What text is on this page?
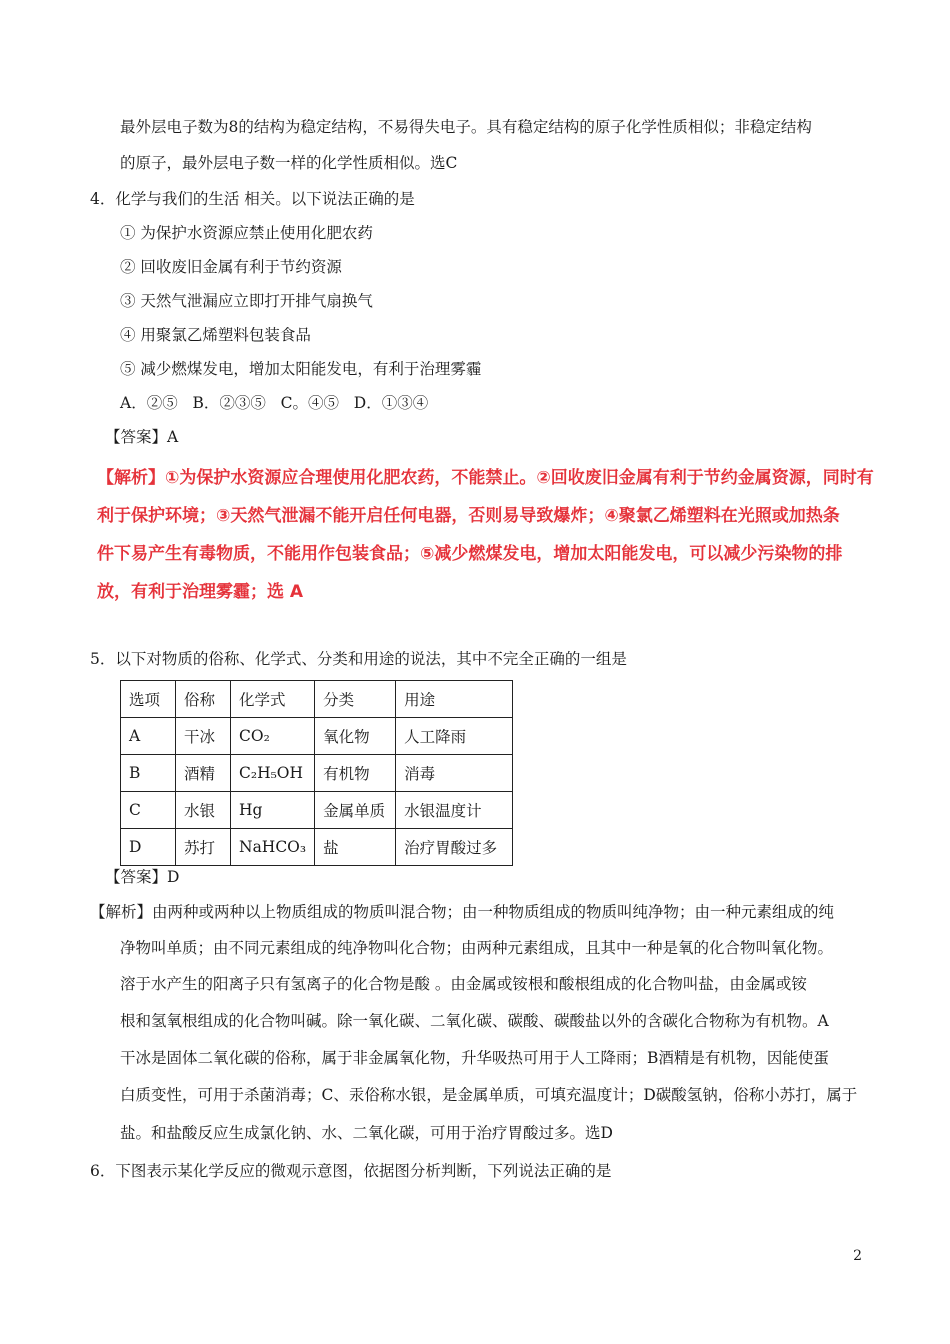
最外层电子数为8的结构为稳定结构，不易得失电子。具有稳定结构的原子化学性质相似；非稳定结构
的原子，最外层电子数一样的化学性质相似。选C
4．化学与我们的生活 相关。以下说法正确的是
① 为保护水资源应禁止使用化肥农药
② 回收废旧金属有利于节约资源
③ 天然气泄漏应立即打开排气扇换气
④ 用聚氯乙烯塑料包装食品
⑤ 减少燃煤发电，增加太阳能发电，有利于治理雾霾
A．②⑤   B．②③⑤   C。④⑤   D．①③④
【答案】A
【解析】①为保护水资源应合理使用化肥农药，不能禁止。②回收废旧金属有利于节约金属资源，同时有
利于保护环境；③天然气泄漏不能开启任何电器，否则易导致爆炸；④聚氯乙烯塑料在光照或加热条
件下易产生有毒物质，不能用作包装食品；⑤减少燃煤发电，增加太阳能发电，可以减少污染物的排
放，有利于治理雾霾；选 A
5．以下对物质的俗称、化学式、分类和用途的说法，其中不完全正确的一组是
选项	俗称	化学式	分类	用途
A	干冰	CO₂	氧化物	人工降雨
B	酒精	C₂H₅OH	有机物	消毒
C	水银	Hg	金属单质	水银温度计
D	苏打	NaHCO₃	盐	治疗胃酸过多
【答案】D
【解析】由两种或两种以上物质组成的物质叫混合物；由一种物质组成的物质叫纯净物；由一种元素组成的纯
净物叫单质；由不同元素组成的纯净物叫化合物；由两种元素组成，且其中一种是氧的化合物叫氧化物。
溶于水产生的阳离子只有氢离子的化合物是酸 。由金属或铵根和酸根组成的化合物叫盐，由金属或铵
根和氢氧根组成的化合物叫碱。除一氧化碳、二氧化碳、碳酸、碳酸盐以外的含碳化合物称为有机物。A
干冰是固体二氧化碳的俗称，属于非金属氧化物，升华吸热可用于人工降雨；B酒精是有机物，因能使蛋
白质变性，可用于杀菌消毒；C、汞俗称水银，是金属单质，可填充温度计；D碳酸氢钠，俗称小苏打，属于
盐。和盐酸反应生成氯化钠、水、二氧化碳，可用于治疗胃酸过多。选D
6．下图表示某化学反应的微观示意图，依据图分析判断，下列说法正确的是
2
